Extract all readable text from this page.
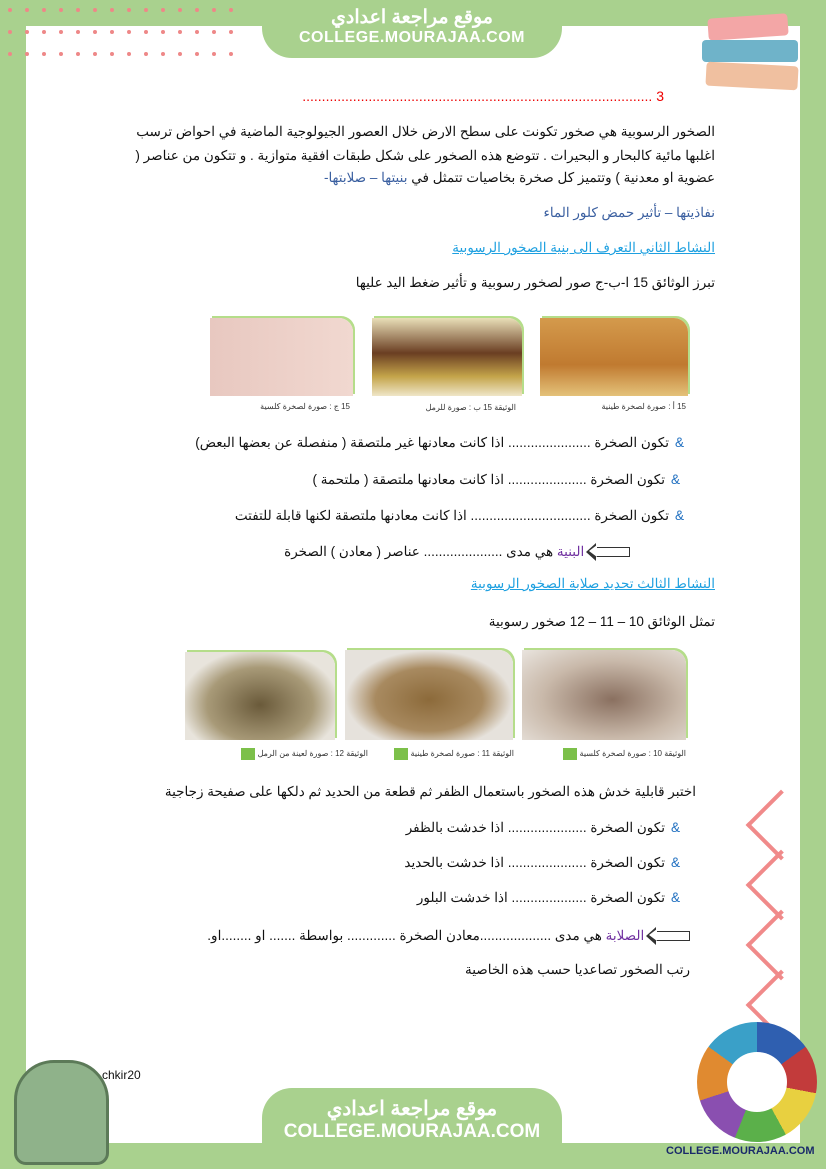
موقع مراجعة اعدادي
COLLEGE.MOURAJAA.COM
3 ..........................................................................................
الصخور الرسوبية هي صخور تكونت على سطح الارض خلال العصور الجيولوجية الماضية في احواض ترسب
اغلبها مائية كالبحار و البحيرات . تتوضع هذه الصخور على شكل طبقات افقية متوازية . و تتكون من عناصر (
عضوية او معدنية ) وتتميز كل صخرة بخاصيات تتمثل في بنيتها – صلابتها-
نفاذيتها – تأثير حمض كلور الماء
النشاط الثاني التعرف الى بنية الصخور الرسوبية
تبرز الوثائق 15 ا-ب-ج صور لصخور رسوبية و تأثير ضغط اليد عليها
15 أ : صورة لصخرة طينية
الوثيقة 15 ب : صورة للرمل
15 ج : صورة لصخرة كلسية
&تكون الصخرة ...................... اذا كانت معادنها غير ملتصقة ( منفصلة عن بعضها البعض)
&تكون الصخرة ..................... اذا كانت معادنها ملتصقة ( ملتحمة )
&تكون الصخرة ................................ اذا كانت معادنها ملتصقة لكنها قابلة للتفتت
البنية هي مدى ..................... عناصر ( معادن ) الصخرة
النشاط الثالث تحديد صلابة الصخور الرسوبية
تمثل الوثائق 10 – 11 – 12 صخور رسوبية
الوثيقة 10 : صورة لصخرة كلسية
الوثيقة 11 : صورة لصخرة طينية
الوثيقة 12 : صورة لعينة من الرمل
اختبر قابلية خدش هذه الصخور باستعمال الظفر ثم قطعة من الحديد ثم دلكها على صفيحة زجاجية
&تكون الصخرة ..................... اذا خدشت بالظفر
&تكون الصخرة ..................... اذا خدشت بالحديد
&تكون الصخرة .................... اذا خدشت البلور
الصلابة هي مدى ...................معادن الصخرة ............. بواسطة ....... او ........او.
رتب الصخور تصاعديا حسب هذه الخاصية
chkir20
موقع مراجعة اعدادي
COLLEGE.MOURAJAA.COM
COLLEGE.MOURAJAA.COM
